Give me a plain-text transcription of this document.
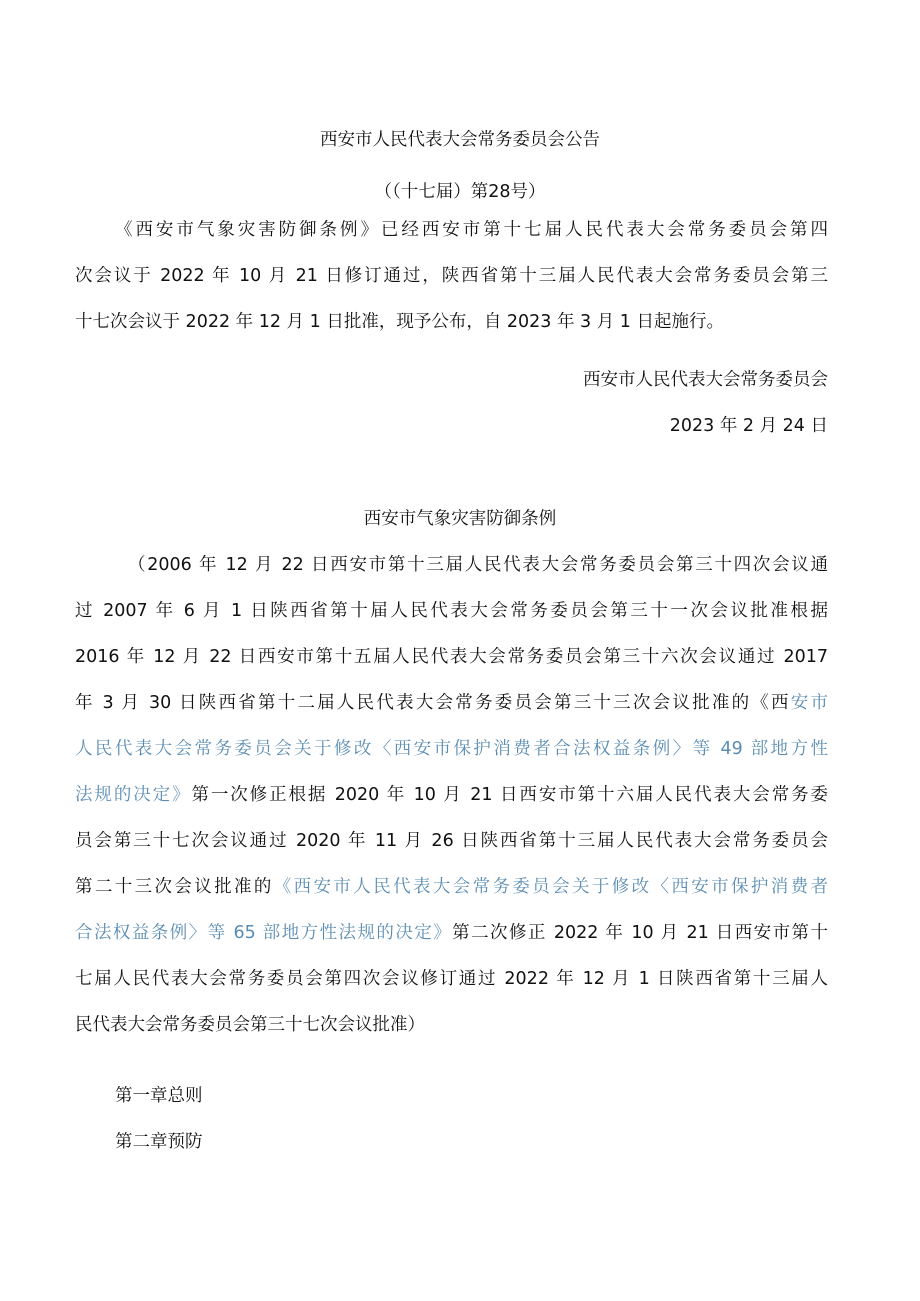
西安市人民代表大会常务委员会公告
（（十七届）第28号）
《西安市气象灾害防御条例》已经西安市第十七届人民代表大会常务委员会第四
次会议于 2022 年 10 月 21 日修订通过，陕西省第十三届人民代表大会常务委员会第三
十七次会议于 2022 年 12 月 1 日批准，现予公布，自 2023 年 3 月 1 日起施行。
西安市人民代表大会常务委员会
2023 年 2 月 24 日
西安市气象灾害防御条例
（2006 年 12 月 22 日西安市第十三届人民代表大会常务委员会第三十四次会议通
过 2007 年 6 月 1 日陕西省第十届人民代表大会常务委员会第三十一次会议批准根据
2016 年 12 月 22 日西安市第十五届人民代表大会常务委员会第三十六次会议通过 2017
年 3 月 30 日陕西省第十二届人民代表大会常务委员会第三十三次会议批准的《西安市
人民代表大会常务委员会关于修改〈西安市保护消费者合法权益条例〉等 49 部地方性
法规的决定》第一次修正根据 2020 年 10 月 21 日西安市第十六届人民代表大会常务委
员会第三十七次会议通过 2020 年 11 月 26 日陕西省第十三届人民代表大会常务委员会
第二十三次会议批准的《西安市人民代表大会常务委员会关于修改〈西安市保护消费者
合法权益条例〉等 65 部地方性法规的决定》第二次修正 2022 年 10 月 21 日西安市第十
七届人民代表大会常务委员会第四次会议修订通过 2022 年 12 月 1 日陕西省第十三届人
民代表大会常务委员会第三十七次会议批准）
第一章总则
第二章预防
